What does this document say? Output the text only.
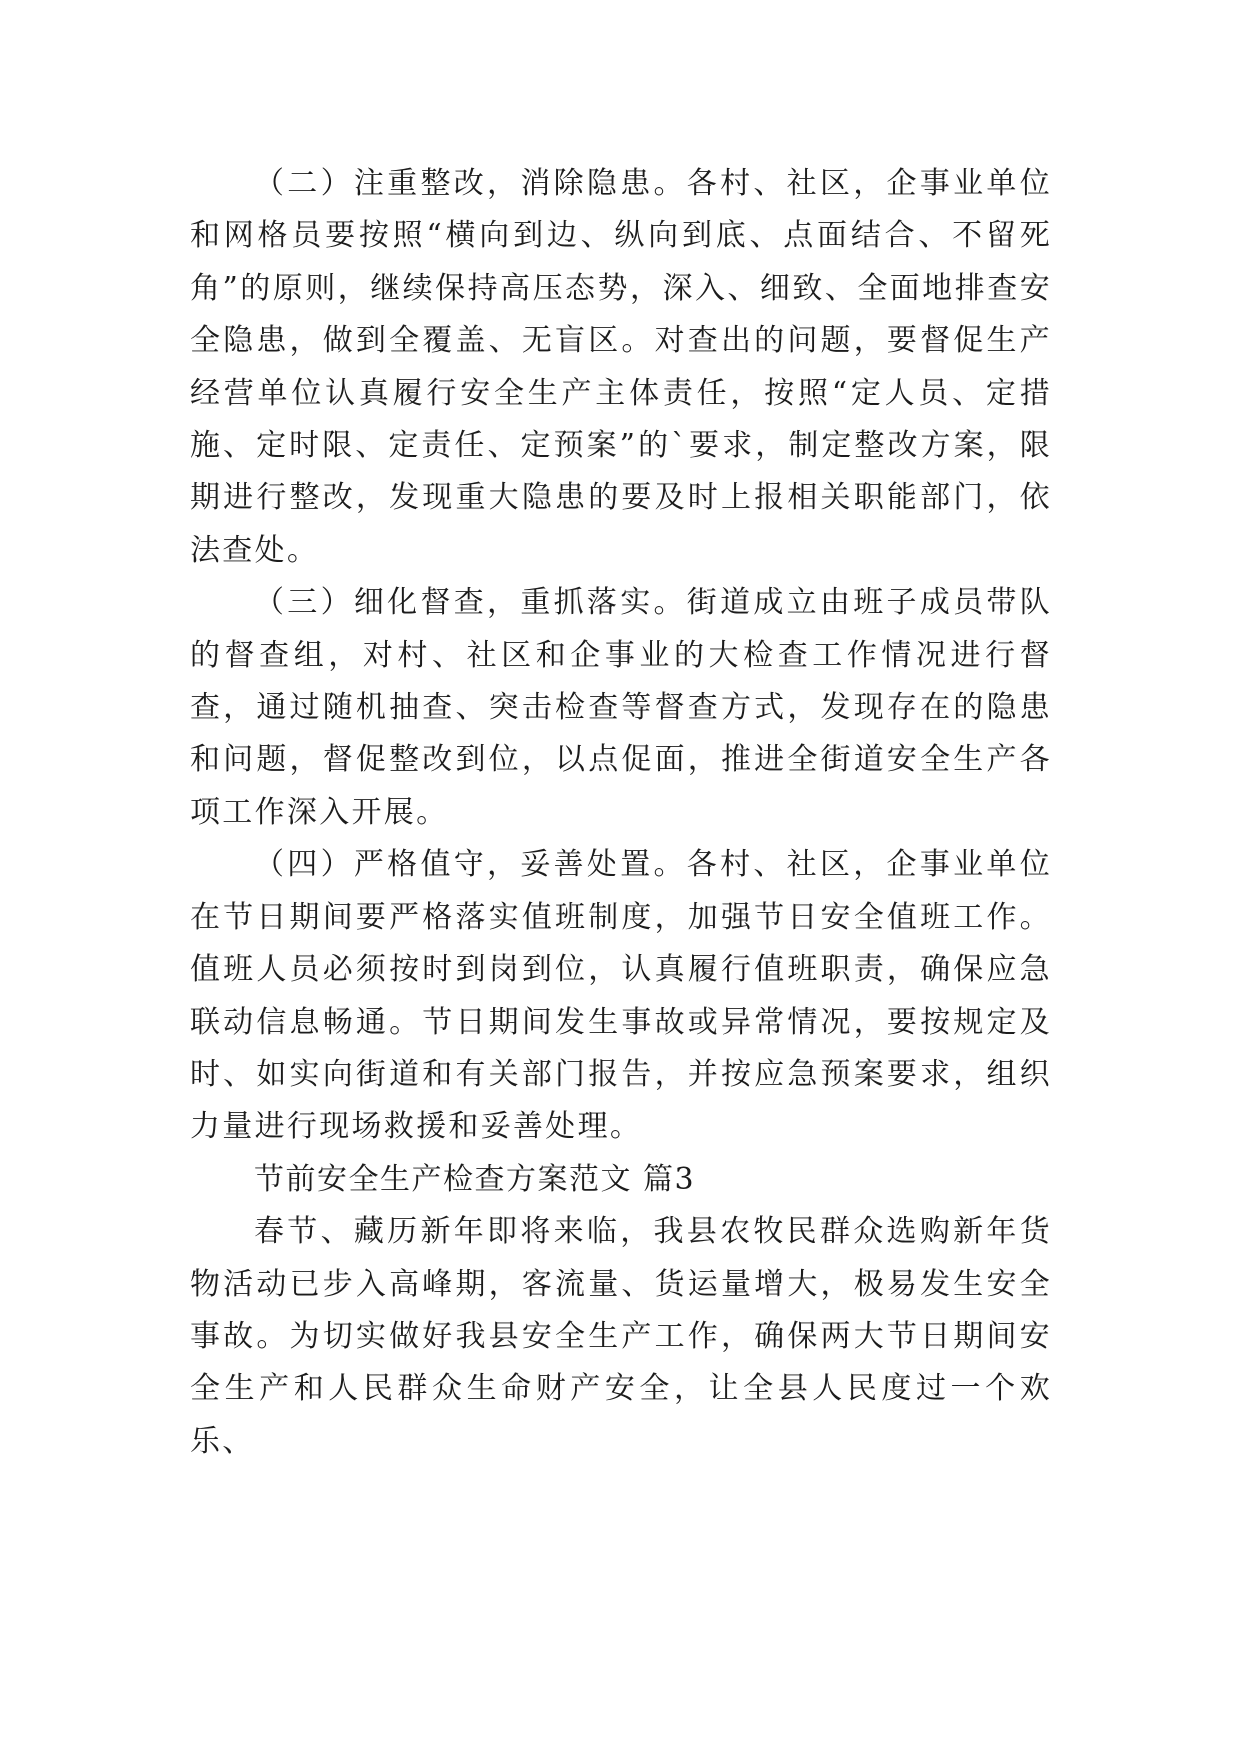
（二）注重整改，消除隐患。各村、社区，企事业单位和网格员要按照“横向到边、纵向到底、点面结合、不留死角”的原则，继续保持高压态势，深入、细致、全面地排查安全隐患，做到全覆盖、无盲区。对查出的问题，要督促生产经营单位认真履行安全生产主体责任，按照“定人员、定措施、定时限、定责任、定预案”的`要求，制定整改方案，限期进行整改，发现重大隐患的要及时上报相关职能部门，依法查处。

（三）细化督查，重抓落实。街道成立由班子成员带队的督查组，对村、社区和企事业的大检查工作情况进行督查，通过随机抽查、突击检查等督查方式，发现存在的隐患和问题，督促整改到位，以点促面，推进全街道安全生产各项工作深入开展。

（四）严格值守，妥善处置。各村、社区，企事业单位在节日期间要严格落实值班制度，加强节日安全值班工作。值班人员必须按时到岗到位，认真履行值班职责，确保应急联动信息畅通。节日期间发生事故或异常情况，要按规定及时、如实向街道和有关部门报告，并按应急预案要求，组织力量进行现场救援和妥善处理。

节前安全生产检查方案范文 篇3

春节、藏历新年即将来临，我县农牧民群众选购新年货物活动已步入高峰期，客流量、货运量增大，极易发生安全事故。为切实做好我县安全生产工作，确保两大节日期间安全生产和人民群众生命财产安全，让全县人民度过一个欢乐、
